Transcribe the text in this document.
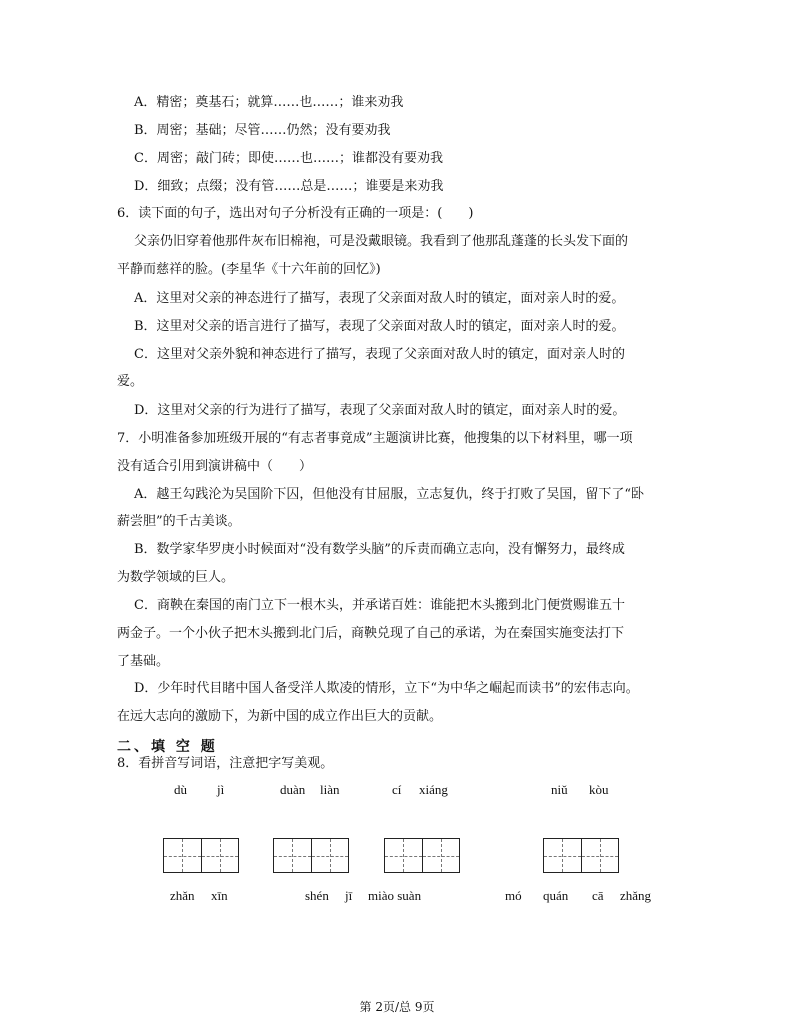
A．精密；奠基石；就算……也……；谁来劝我
B．周密；基础；尽管……仍然；没有要劝我
C．周密；敲门砖；即使……也……；谁都没有要劝我
D．细致；点缀；没有管……总是……；谁要是来劝我
6．读下面的句子，选出对句子分析没有正确的一项是：(　　)
父亲仍旧穿着他那件灰布旧棉袍，可是没戴眼镜。我看到了他那乱蓬蓬的长头发下面的
平静而慈祥的脸。(李星华《十六年前的回忆》)
A．这里对父亲的神态进行了描写，表现了父亲面对敌人时的镇定，面对亲人时的爱。
B．这里对父亲的语言进行了描写，表现了父亲面对敌人时的镇定，面对亲人时的爱。
C．这里对父亲外貌和神态进行了描写，表现了父亲面对敌人时的镇定，面对亲人时的
爱。
D．这里对父亲的行为进行了描写，表现了父亲面对敌人时的镇定，面对亲人时的爱。
7．小明准备参加班级开展的“有志者事竟成”主题演讲比赛，他搜集的以下材料里，哪一项
没有适合引用到演讲稿中（　　）
A．越王勾践沦为吴国阶下囚，但他没有甘屈服，立志复仇，终于打败了吴国，留下了“卧
薪尝胆”的千古美谈。
B．数学家华罗庚小时候面对“没有数学头脑”的斥责而确立志向，没有懈努力，最终成
为数学领域的巨人。
C．商鞅在秦国的南门立下一根木头，并承诺百姓：谁能把木头搬到北门便赏赐谁五十
两金子。一个小伙子把木头搬到北门后，商鞅兑现了自己的承诺，为在秦国实施变法打下
了基础。
D．少年时代目睹中国人备受洋人欺凌的情形，立下“为中华之崛起而读书”的宏伟志向。
在远大志向的激励下，为新中国的成立作出巨大的贡献。
二、填 空 题
8．看拼音写词语，注意把字写美观。
dù jì	duàn liàn	cí xiáng	niǔ kòu
zhǎn xīn	shén jī miào suàn	mó quán cā zhǎng
第 2页/总 9页
